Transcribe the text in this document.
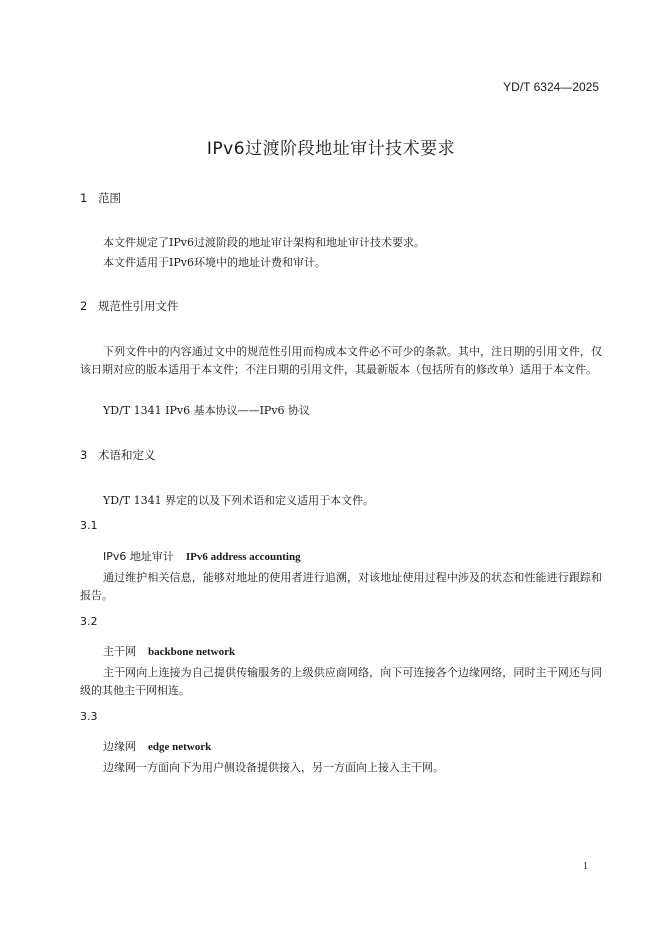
YD/T 6324—2025
IPv6过渡阶段地址审计技术要求
1 范围
本文件规定了IPv6过渡阶段的地址审计架构和地址审计技术要求。
本文件适用于IPv6环境中的地址计费和审计。
2 规范性引用文件
下列文件中的内容通过文中的规范性引用而构成本文件必不可少的条款。其中，注日期的引用文件，仅该日期对应的版本适用于本文件；不注日期的引用文件，其最新版本（包括所有的修改单）适用于本文件。
YD/T 1341 IPv6 基本协议——IPv6 协议
3 术语和定义
YD/T 1341 界定的以及下列术语和定义适用于本文件。
3.1
IPv6 地址审计 IPv6 address accounting
通过维护相关信息，能够对地址的使用者进行追溯，对该地址使用过程中涉及的状态和性能进行跟踪和报告。
3.2
主干网 backbone network
主干网向上连接为自己提供传输服务的上级供应商网络，向下可连接各个边缘网络，同时主干网还与同级的其他主干网相连。
3.3
边缘网 edge network
边缘网一方面向下为用户侧设备提供接入，另一方面向上接入主干网。
1
